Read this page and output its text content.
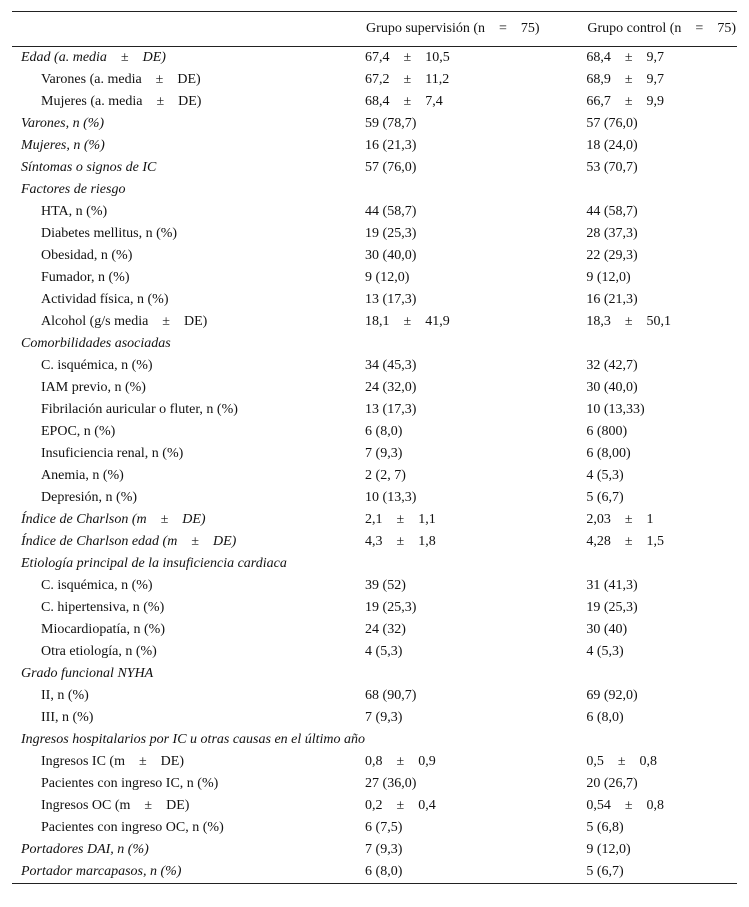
	Grupo supervisión (n = 75)	Grupo control (n = 75)
Edad (a. media ± DE)	67,4 ± 10,5	68,4 ± 9,7
Varones (a. media ± DE)	67,2 ± 11,2	68,9 ± 9,7
Mujeres (a. media ± DE)	68,4 ± 7,4	66,7 ± 9,9
Varones, n (%)	59 (78,7)	57 (76,0)
Mujeres, n (%)	16 (21,3)	18 (24,0)
Síntomas o signos de IC	57 (76,0)	53 (70,7)
Factores de riesgo		
HTA, n (%)	44 (58,7)	44 (58,7)
Diabetes mellitus, n (%)	19 (25,3)	28 (37,3)
Obesidad, n (%)	30 (40,0)	22 (29,3)
Fumador, n (%)	9 (12,0)	9 (12,0)
Actividad física, n (%)	13 (17,3)	16 (21,3)
Alcohol (g/s media ± DE)	18,1 ± 41,9	18,3 ± 50,1
Comorbilidades asociadas		
C. isquémica, n (%)	34 (45,3)	32 (42,7)
IAM previo, n (%)	24 (32,0)	30 (40,0)
Fibrilación auricular o fluter, n (%)	13 (17,3)	10 (13,33)
EPOC, n (%)	6 (8,0)	6 (800)
Insuficiencia renal, n (%)	7 (9,3)	6 (8,00)
Anemia, n (%)	2 (2, 7)	4 (5,3)
Depresión, n (%)	10 (13,3)	5 (6,7)
Índice de Charlson (m ± DE)	2,1 ± 1,1	2,03 ± 1
Índice de Charlson edad (m ± DE)	4,3 ± 1,8	4,28 ± 1,5
Etiología principal de la insuficiencia cardiaca		
C. isquémica, n (%)	39 (52)	31 (41,3)
C. hipertensiva, n (%)	19 (25,3)	19 (25,3)
Miocardiopatía, n (%)	24 (32)	30 (40)
Otra etiología, n (%)	4 (5,3)	4 (5,3)
Grado funcional NYHA		
II, n (%)	68 (90,7)	69 (92,0)
III, n (%)	7 (9,3)	6 (8,0)
Ingresos hospitalarios por IC u otras causas en el último año		
Ingresos IC (m ± DE)	0,8 ± 0,9	0,5 ± 0,8
Pacientes con ingreso IC, n (%)	27 (36,0)	20 (26,7)
Ingresos OC (m ± DE)	0,2 ± 0,4	0,54 ± 0,8
Pacientes con ingreso OC, n (%)	6 (7,5)	5 (6,8)
Portadores DAI, n (%)	7 (9,3)	9 (12,0)
Portador marcapasos, n (%)	6 (8,0)	5 (6,7)
